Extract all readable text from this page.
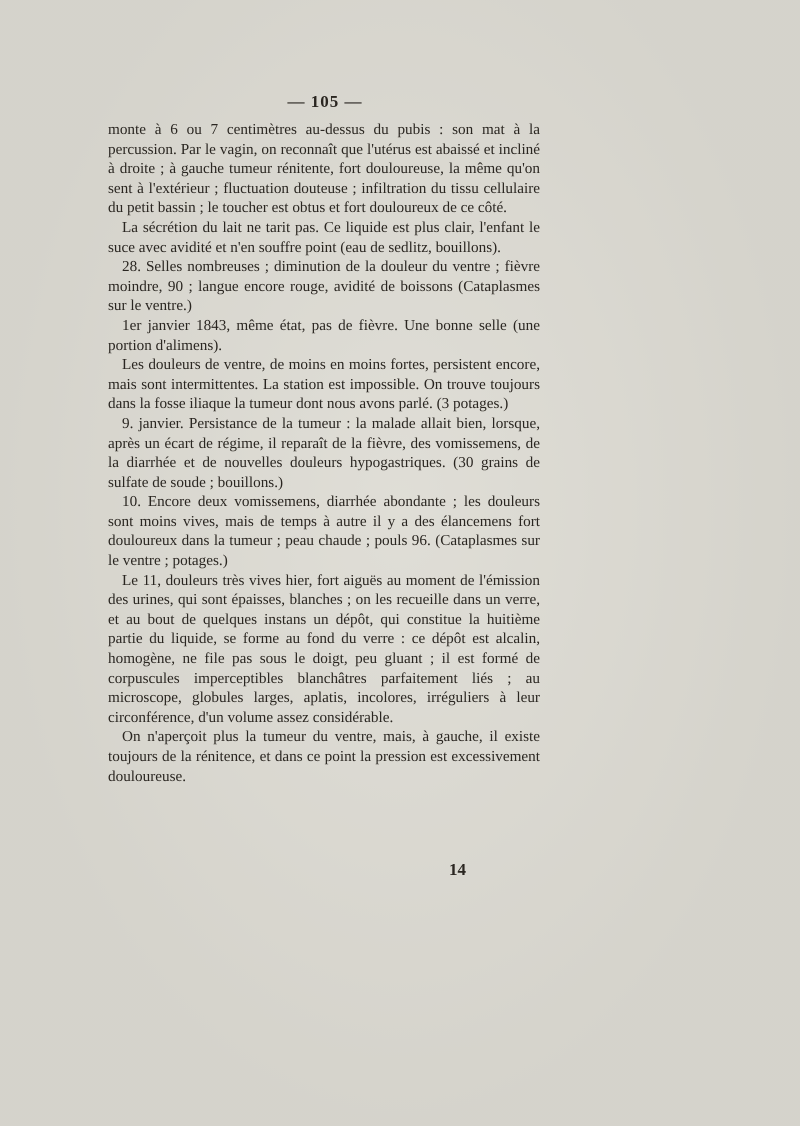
— 105 —

monte à 6 ou 7 centimètres au-dessus du pubis : son mat à la percussion. Par le vagin, on reconnaît que l'utérus est abaissé et incliné à droite ; à gauche tumeur rénitente, fort douloureuse, la même qu'on sent à l'extérieur ; fluctuation douteuse ; infiltration du tissu cellulaire du petit bassin ; le toucher est obtus et fort douloureux de ce côté.

La sécrétion du lait ne tarit pas. Ce liquide est plus clair, l'enfant le suce avec avidité et n'en souffre point (eau de sedlitz, bouillons).

28. Selles nombreuses ; diminution de la douleur du ventre ; fièvre moindre, 90 ; langue encore rouge, avidité de boissons (Cataplasmes sur le ventre.)

1er janvier 1843, même état, pas de fièvre. Une bonne selle (une portion d'alimens).

Les douleurs de ventre, de moins en moins fortes, persistent encore, mais sont intermittentes. La station est impossible. On trouve toujours dans la fosse iliaque la tumeur dont nous avons parlé. (3 potages.)

9. janvier. Persistance de la tumeur : la malade allait bien, lorsque, après un écart de régime, il reparaît de la fièvre, des vomissemens, de la diarrhée et de nouvelles douleurs hypogastriques. (30 grains de sulfate de soude ; bouillons.)

10. Encore deux vomissemens, diarrhée abondante ; les douleurs sont moins vives, mais de temps à autre il y a des élancemens fort douloureux dans la tumeur ; peau chaude ; pouls 96. (Cataplasmes sur le ventre ; potages.)

Le 11, douleurs très vives hier, fort aiguës au moment de l'émission des urines, qui sont épaisses, blanches ; on les recueille dans un verre, et au bout de quelques instans un dépôt, qui constitue la huitième partie du liquide, se forme au fond du verre : ce dépôt est alcalin, homogène, ne file pas sous le doigt, peu gluant ; il est formé de corpuscules imperceptibles blanchâtres parfaitement liés ; au microscope, globules larges, aplatis, incolores, irréguliers à leur circonférence, d'un volume assez considérable.

On n'aperçoit plus la tumeur du ventre, mais, à gauche, il existe toujours de la rénitence, et dans ce point la pression est excessivement douloureuse.

14
